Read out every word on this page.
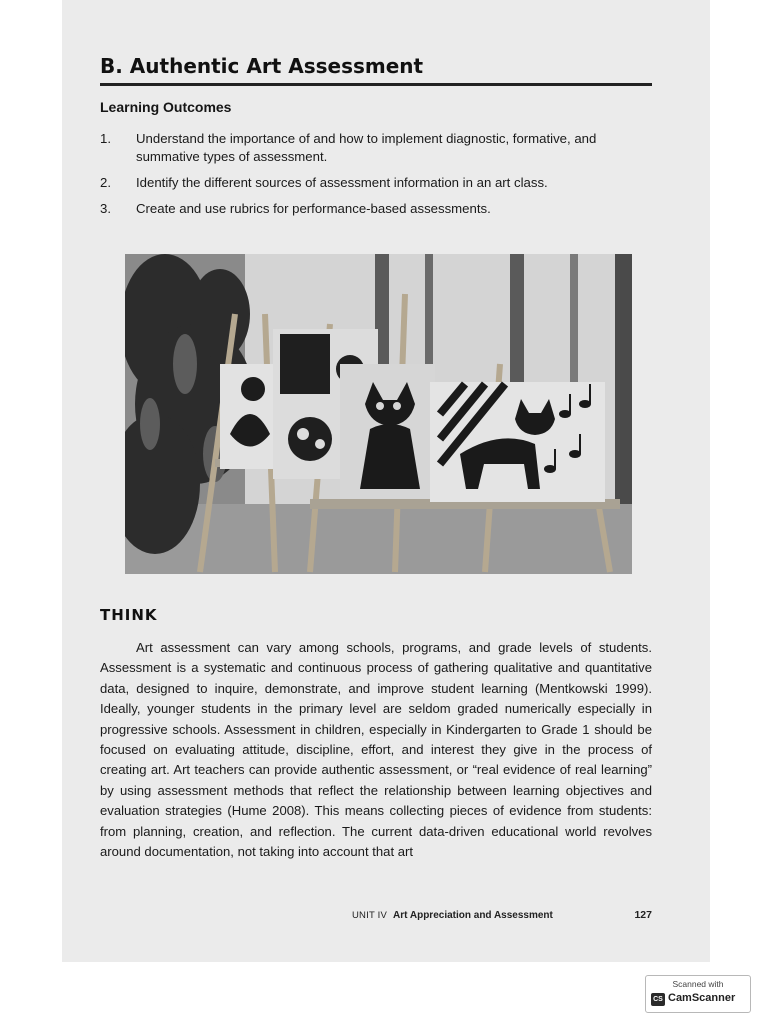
B. Authentic Art Assessment
Learning Outcomes
1.	Understand the importance of and how to implement diagnostic, formative, and summative types of assessment.
2.	Identify the different sources of assessment information in an art class.
3.	Create and use rubrics for performance-based assessments.
THINK

Art assessment can vary among schools, programs, and grade levels of students. Assessment is a systematic and continuous process of gathering qualitative and quantitative data, designed to inquire, demonstrate, and improve student learning (Mentkowski 1999). Ideally, younger students in the primary level are seldom graded numerically especially in progressive schools. Assessment in children, especially in Kindergarten to Grade 1 should be focused on evaluating attitude, discipline, effort, and interest they give in the process of creating art. Art teachers can provide authentic assessment, or “real evidence of real learning” by using assessment methods that reflect the relationship between learning objectives and evaluation strategies (Hume 2008). This means collecting pieces of evidence from students: from planning, creation, and reflection. The current data-driven educational world revolves around documentation, not taking into account that art

UNIT IV Art Appreciation and Assessment	127
Scanned with
CS CamScanner
